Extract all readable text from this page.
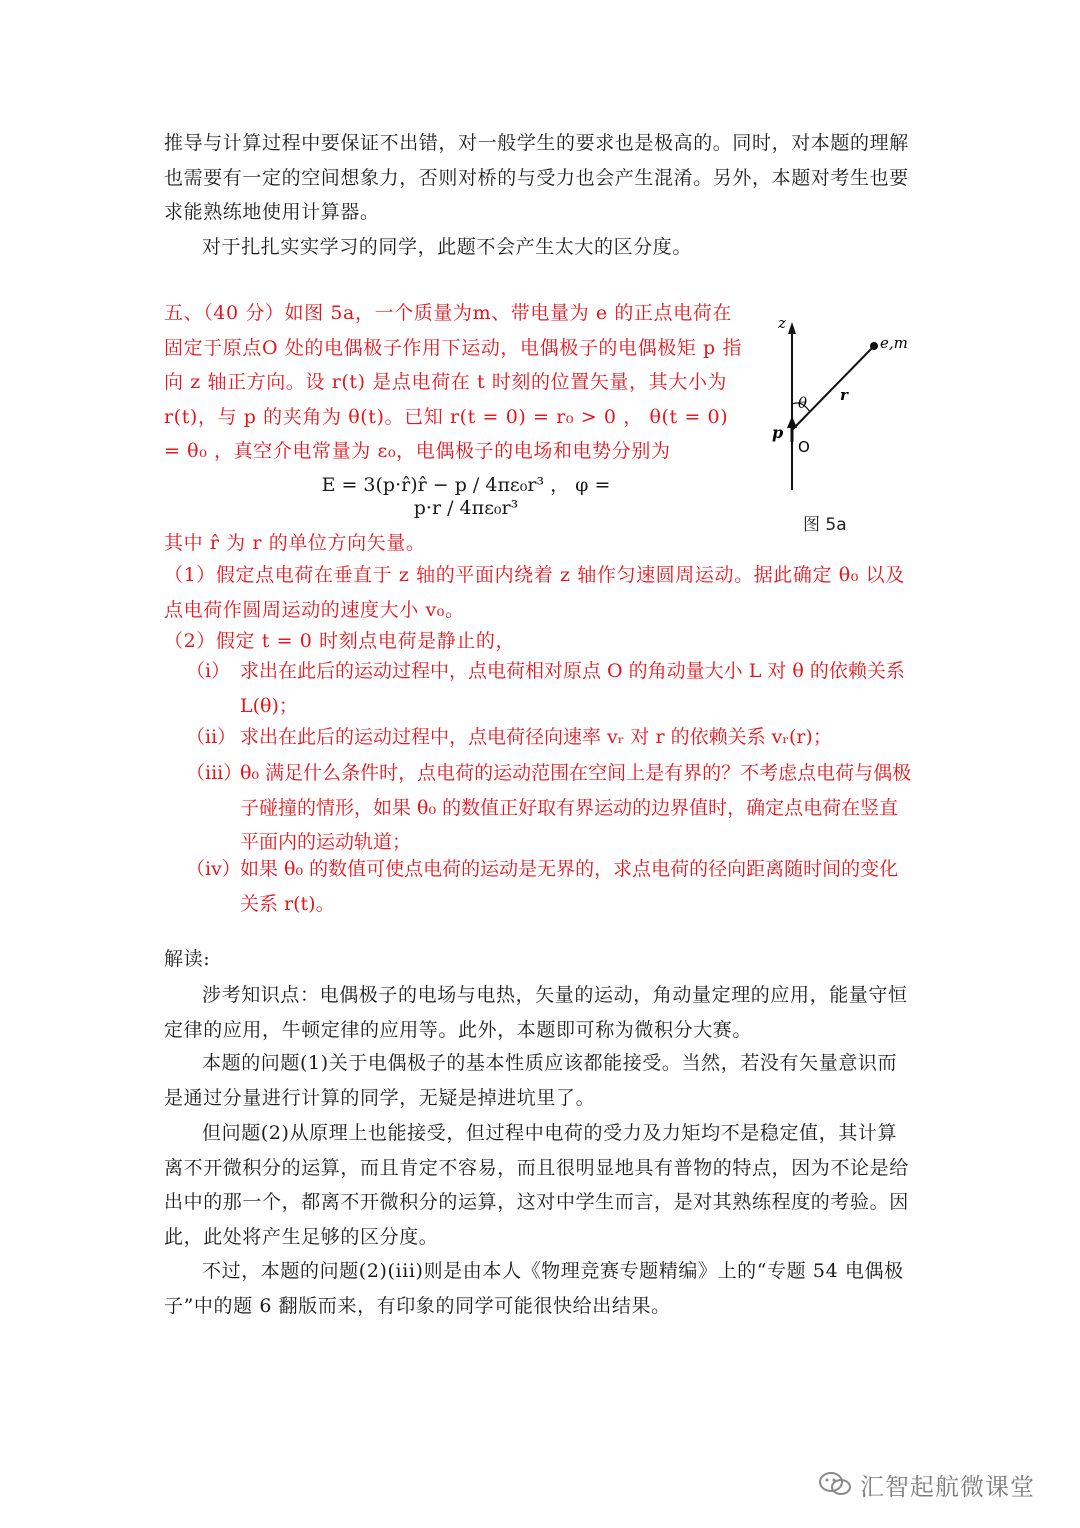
推导与计算过程中要保证不出错，对一般学生的要求也是极高的。同时，对本题的理解也需要有一定的空间想象力，否则对桥的与受力也会产生混淆。另外，本题对考生也要求能熟练地使用计算器。
对于扎扎实实学习的同学，此题不会产生太大的区分度。
五、（40 分）如图 5a，一个质量为m、带电量为 e 的正点电荷在固定于原点O 处的电偶极子作用下运动，电偶极子的电偶极矩 p 指向 z 轴正方向。设 r(t) 是点电荷在 t 时刻的位置矢量，其大小为 r(t)，与 p 的夹角为 θ(t)。已知 r(t = 0) = r₀ > 0 ， θ(t = 0) = θ₀ ，真空介电常量为 ε₀，电偶极子的电场和电势分别为
E = 3(p·r̂)r̂ − p / 4πε₀r³ ， φ = p·r / 4πε₀r³
z
e,m
θ r
p
O
图 5a
其中 r̂ 为 r 的单位方向矢量。
（1）假定点电荷在垂直于 z 轴的平面内绕着 z 轴作匀速圆周运动。据此确定 θ₀ 以及点电荷作圆周运动的速度大小 v₀。
（2）假定 t = 0 时刻点电荷是静止的，
（i） 求出在此后的运动过程中，点电荷相对原点 O 的角动量大小 L 对 θ 的依赖关系 L(θ)；
（ii） 求出在此后的运动过程中，点电荷径向速率 vᵣ 对 r 的依赖关系 vᵣ(r)；
（iii）
θ₀ 满足什么条件时，点电荷的运动范围在空间上是有界的？不考虑点电荷与偶极子碰撞的情形，如果 θ₀ 的数值正好取有界运动的边界值时，确定点电荷在竖直平面内的运动轨道；
（iv） 如果 θ₀ 的数值可使点电荷的运动是无界的，求点电荷的径向距离随时间的变化关系 r(t)。
解读:
涉考知识点：电偶极子的电场与电热，矢量的运动，角动量定理的应用，能量守恒定律的应用，牛顿定律的应用等。此外，本题即可称为微积分大赛。
本题的问题(1)关于电偶极子的基本性质应该都能接受。当然，若没有矢量意识而是通过分量进行计算的同学，无疑是掉进坑里了。
但问题(2)从原理上也能接受，但过程中电荷的受力及力矩均不是稳定值，其计算离不开微积分的运算，而且肯定不容易，而且很明显地具有普物的特点，因为不论是给出中的那一个，都离不开微积分的运算，这对中学生而言，是对其熟练程度的考验。因此，此处将产生足够的区分度。
不过，本题的问题(2)(iii)则是由本人《物理竞赛专题精编》上的“专题 54 电偶极子”中的题 6 翻版而来，有印象的同学可能很快给出结果。
汇智起航微课堂
